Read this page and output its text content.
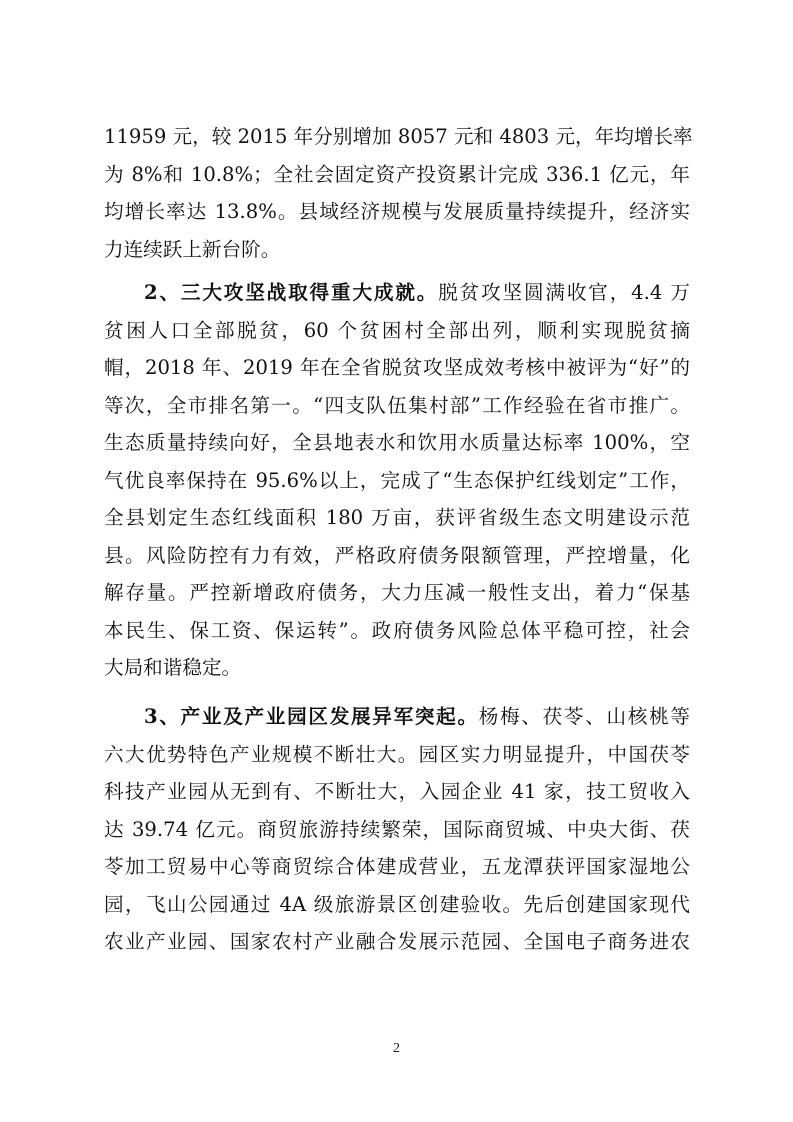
11959 元，较 2015 年分别增加 8057 元和 4803 元，年均增长率
为 8%和 10.8%；全社会固定资产投资累计完成 336.1 亿元，年
均增长率达 13.8%。县域经济规模与发展质量持续提升，经济实
力连续跃上新台阶。
2、三大攻坚战取得重大成就。脱贫攻坚圆满收官，4.4 万
贫困人口全部脱贫，60 个贫困村全部出列，顺利实现脱贫摘
帽，2018 年、2019 年在全省脱贫攻坚成效考核中被评为“好”的
等次，全市排名第一。“四支队伍集村部”工作经验在省市推广。
生态质量持续向好，全县地表水和饮用水质量达标率 100%，空
气优良率保持在 95.6%以上，完成了“生态保护红线划定”工作，
全县划定生态红线面积 180 万亩，获评省级生态文明建设示范
县。风险防控有力有效，严格政府债务限额管理，严控增量，化
解存量。严控新增政府债务，大力压减一般性支出，着力“保基
本民生、保工资、保运转”。政府债务风险总体平稳可控，社会
大局和谐稳定。
3、产业及产业园区发展异军突起。杨梅、茯苓、山核桃等
六大优势特色产业规模不断壮大。园区实力明显提升，中国茯苓
科技产业园从无到有、不断壮大，入园企业 41 家，技工贸收入
达 39.74 亿元。商贸旅游持续繁荣，国际商贸城、中央大街、茯
苓加工贸易中心等商贸综合体建成营业，五龙潭获评国家湿地公
园，飞山公园通过 4A 级旅游景区创建验收。先后创建国家现代
农业产业园、国家农村产业融合发展示范园、全国电子商务进农
2
